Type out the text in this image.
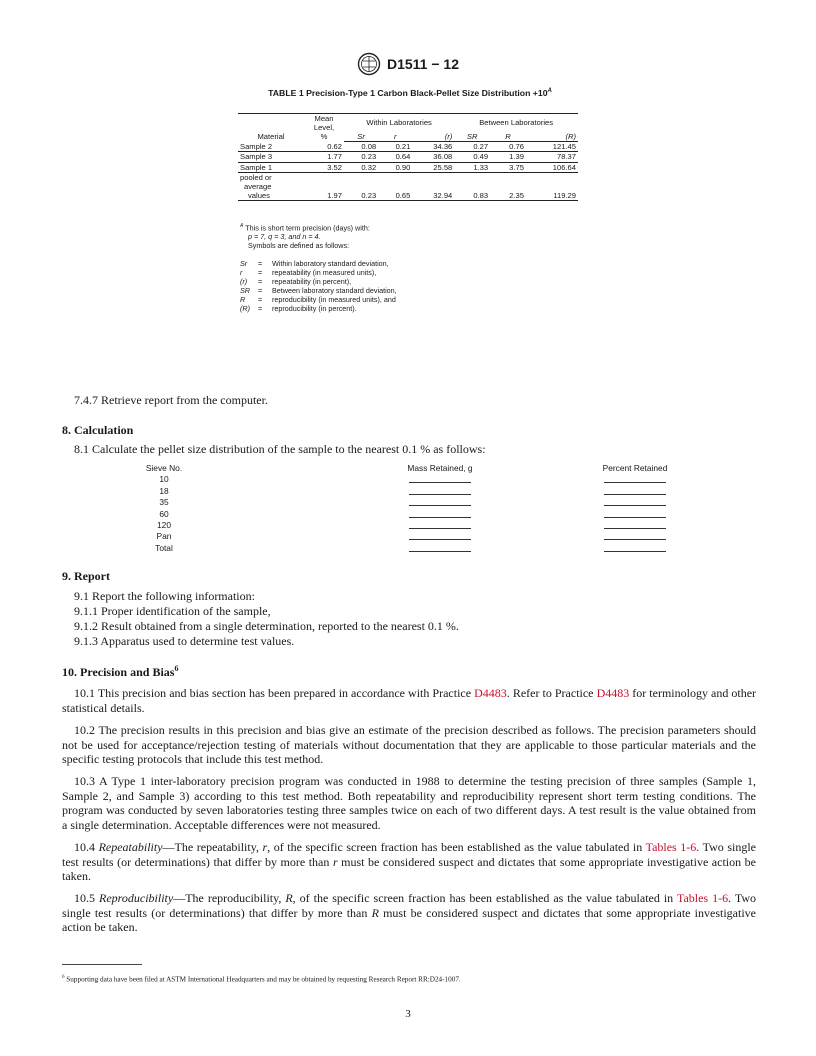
D1511 − 12
TABLE 1 Precision-Type 1 Carbon Black-Pellet Size Distribution $+10^A$
Material	Mean
Level,
%	Within Laboratories			Between Laboratories		
		Sr	r	(r)	SR	R	(R)
Sample 2	0.62	0.08	0.21	34.36	0.27	0.76	121.45
Sample 3	1.77	0.23	0.64	36.08	0.49	1.39	78.37
Sample 1	3.52	0.32	0.90	25.58	1.33	3.75	106.64
pooled or
average
values	1.97	0.23	0.65	32.94	0.83	2.35	119.29

$^A$ This is short term precision (days) with:

p = 7, q = 3, and n = 4.

Symbols are defined as follows:

Sr	=	Within laboratory standard deviation,
r	=	repeatability (in measured units),
(r)	=	repeatability (in percent),
SR	=	Between laboratory standard deviation,
R	=	reproducibility (in measured units), and
(R)	=	reproducibility (in percent).
7.4.7 Retrieve report from the computer.
8. Calculation
8.1 Calculate the pellet size distribution of the sample to the nearest 0.1 % as follows:
Sieve No.	Mass Retained, g	Percent Retained
10
18
35
60
120
Pan
Total
9. Report
9.1 Report the following information:
9.1.1 Proper identification of the sample,
9.1.2 Result obtained from a single determination, reported to the nearest 0.1 %.
9.1.3 Apparatus used to determine test values.
10. Precision and Bias$^6$
10.1 This precision and bias section has been prepared in accordance with Practice D4483. Refer to Practice D4483 for terminology and other statistical details.
10.2 The precision results in this precision and bias give an estimate of the precision described as follows. The precision parameters should not be used for acceptance/rejection testing of materials without documentation that they are applicable to those particular materials and the specific testing protocols that include this test method.
10.3 A Type 1 inter-laboratory precision program was conducted in 1988 to determine the testing precision of three samples (Sample 1, Sample 2, and Sample 3) according to this test method. Both repeatability and reproducibility represent short term testing conditions. The program was conducted by seven laboratories testing three samples twice on each of two different days. A test result is the value obtained from a single determination. Acceptable differences were not measured.
10.4 Repeatability—The repeatability, r, of the specific screen fraction has been established as the value tabulated in Tables 1-6. Two single test results (or determinations) that differ by more than r must be considered suspect and dictates that some appropriate investigative action be taken.
10.5 Reproducibility—The reproducibility, R, of the specific screen fraction has been established as the value tabulated in Tables 1-6. Two single test results (or determinations) that differ by more than R must be considered suspect and dictates that some appropriate investigative action be taken.
$^6$ Supporting data have been filed at ASTM International Headquarters and may be obtained by requesting Research Report RR:D24-1007.
3
